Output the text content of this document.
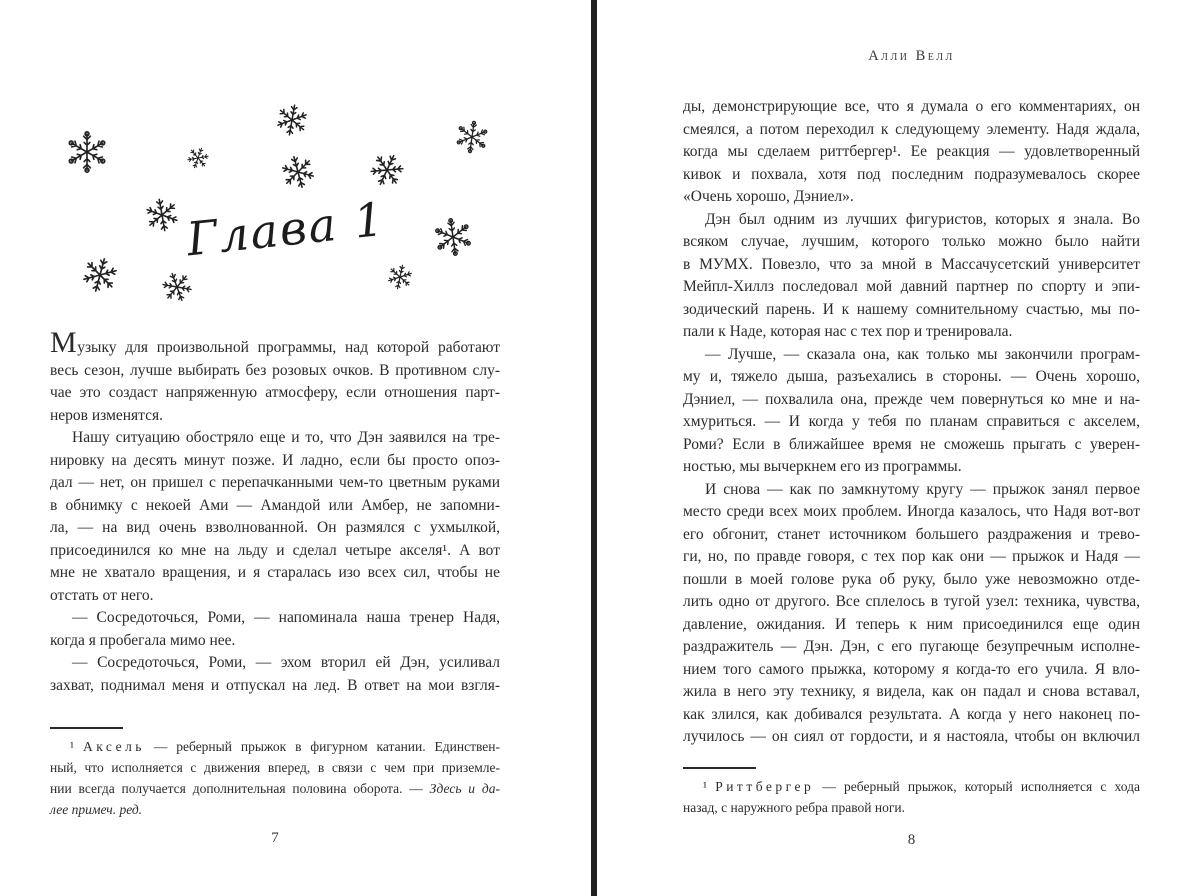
Глава 1
Музыку для произвольной программы, над которой работают
весь сезон, лучше выбирать без розовых очков. В противном слу-
чае это создаст напряженную атмосферу, если отношения парт-
неров изменятся.
Нашу ситуацию обостряло еще и то, что Дэн заявился на тре-
нировку на десять минут позже. И ладно, если бы просто опоз-
дал — нет, он пришел с перепачканными чем-то цветным руками
в обнимку с некоей Ами — Амандой или Амбер, не запомни-
ла, — на вид очень взволнованной. Он размялся с ухмылкой,
присоединился ко мне на льду и сделал четыре акселя¹. А вот
мне не хватало вращения, и я старалась изо всех сил, чтобы не
отстать от него.
— Сосредоточься, Роми, — напоминала наша тренер Надя,
когда я пробегала мимо нее.
— Сосредоточься, Роми, — эхом вторил ей Дэн, усиливал
захват, поднимал меня и отпускал на лед. В ответ на мои взгля-
¹ Аксель — реберный прыжок в фигурном катании. Единствен-
ный, что исполняется с движения вперед, в связи с чем при приземле-
нии всегда получается дополнительная половина оборота. — Здесь и да-
лее примеч. ред.
7
Алли Велл
ды, демонстрирующие все, что я думала о его комментариях, он
смеялся, а потом переходил к следующему элементу. Надя ждала,
когда мы сделаем риттбергер¹. Ее реакция — удовлетворенный
кивок и похвала, хотя под последним подразумевалось скорее
«Очень хорошо, Дэниел».
Дэн был одним из лучших фигуристов, которых я знала. Во
всяком случае, лучшим, которого только можно было найти
в МУМХ. Повезло, что за мной в Массачусетский университет
Мейпл-Хиллз последовал мой давний партнер по спорту и эпи-
зодический парень. И к нашему сомнительному счастью, мы по-
пали к Наде, которая нас с тех пор и тренировала.
— Лучше, — сказала она, как только мы закончили програм-
му и, тяжело дыша, разъехались в стороны. — Очень хорошо,
Дэниел, — похвалила она, прежде чем повернуться ко мне и на-
хмуриться. — И когда у тебя по планам справиться с акселем,
Роми? Если в ближайшее время не сможешь прыгать с уверен-
ностью, мы вычеркнем его из программы.
И снова — как по замкнутому кругу — прыжок занял первое
место среди всех моих проблем. Иногда казалось, что Надя вот-вот
его обгонит, станет источником большего раздражения и трево-
ги, но, по правде говоря, с тех пор как они — прыжок и Надя —
пошли в моей голове рука об руку, было уже невозможно отде-
лить одно от другого. Все сплелось в тугой узел: техника, чувства,
давление, ожидания. И теперь к ним присоединился еще один
раздражитель — Дэн. Дэн, с его пугающе безупречным исполне-
нием того самого прыжка, которому я когда-то его учила. Я вло-
жила в него эту технику, я видела, как он падал и снова вставал,
как злился, как добивался результата. А когда у него наконец по-
лучилось — он сиял от гордости, и я настояла, чтобы он включил
¹ Риттбергер — реберный прыжок, который исполняется с хода
назад, с наружного ребра правой ноги.
8
